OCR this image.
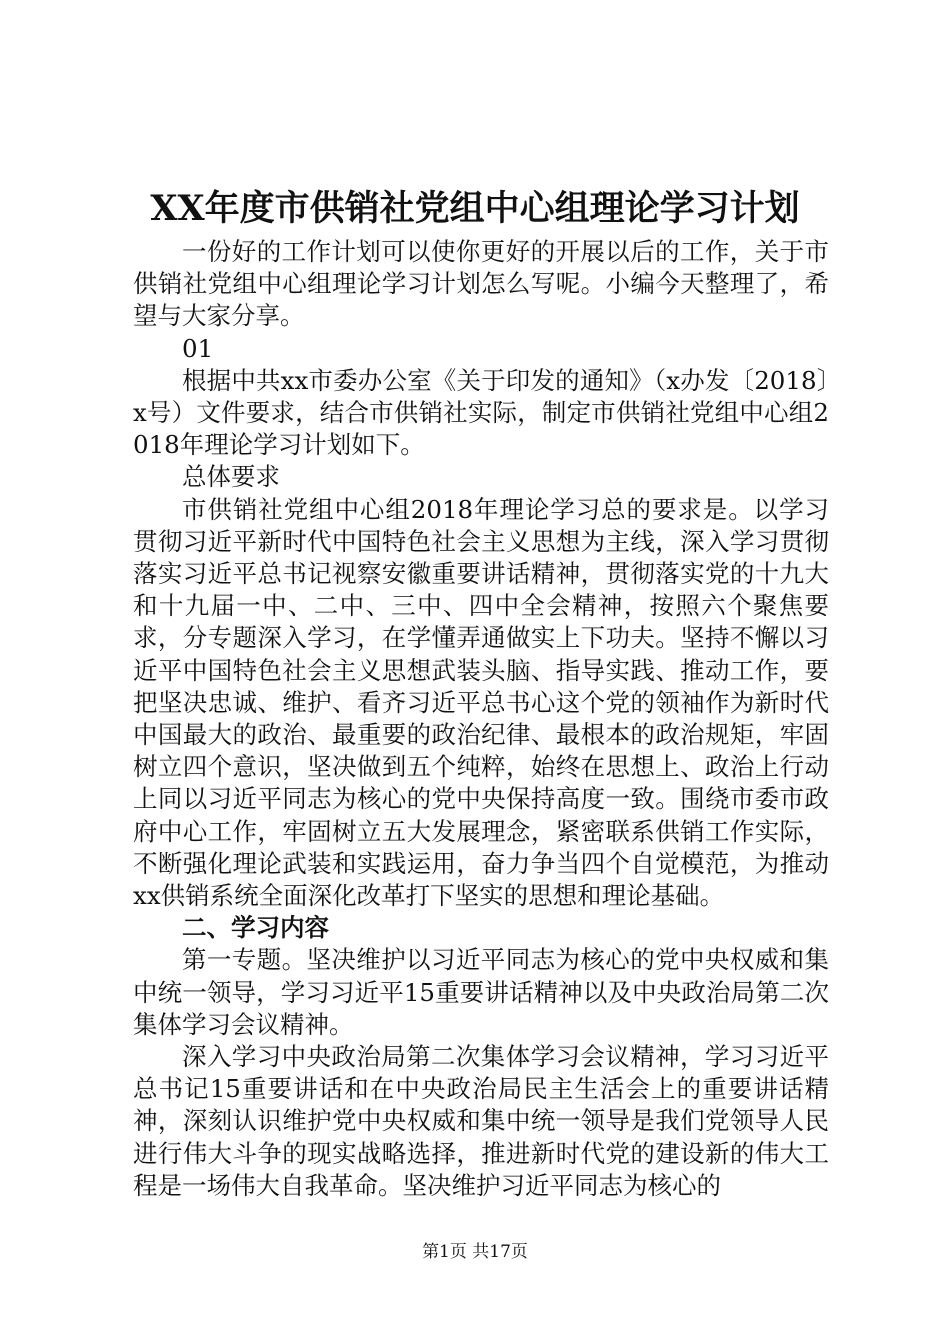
XX年度市供销社党组中心组理论学习计划

一份好的工作计划可以使你更好的开展以后的工作，关于市供销社党组中心组理论学习计划怎么写呢。小编今天整理了，希望与大家分享。

01

根据中共xx市委办公室《关于印发的通知》（x办发〔2018〕x号）文件要求，结合市供销社实际，制定市供销社党组中心组2018年理论学习计划如下。

总体要求

市供销社党组中心组2018年理论学习总的要求是。以学习贯彻习近平新时代中国特色社会主义思想为主线，深入学习贯彻落实习近平总书记视察安徽重要讲话精神，贯彻落实党的十九大和十九届一中、二中、三中、四中全会精神，按照六个聚焦要求，分专题深入学习，在学懂弄通做实上下功夫。坚持不懈以习近平中国特色社会主义思想武装头脑、指导实践、推动工作，要把坚决忠诚、维护、看齐习近平总书心这个党的领袖作为新时代中国最大的政治、最重要的政治纪律、最根本的政治规矩，牢固树立四个意识，坚决做到五个纯粹，始终在思想上、政治上行动上同以习近平同志为核心的党中央保持高度一致。围绕市委市政府中心工作，牢固树立五大发展理念，紧密联系供销工作实际，不断强化理论武装和实践运用，奋力争当四个自觉模范，为推动xx供销系统全面深化改革打下坚实的思想和理论基础。

二、学习内容

第一专题。坚决维护以习近平同志为核心的党中央权威和集中统一领导，学习习近平15重要讲话精神以及中央政治局第二次集体学习会议精神。

深入学习中央政治局第二次集体学习会议精神，学习习近平总书记15重要讲话和在中央政治局民主生活会上的重要讲话精神，深刻认识维护党中央权威和集中统一领导是我们党领导人民进行伟大斗争的现实战略选择，推进新时代党的建设新的伟大工程是一场伟大自我革命。坚决维护习近平同志为核心的

第1页 共17页
